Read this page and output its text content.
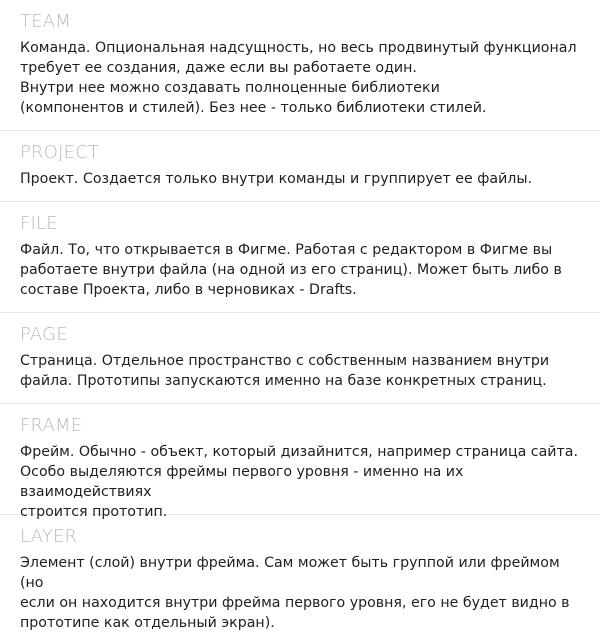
TEAM

Команда. Опциональная надсущность, но весь продвинутый функционал
требует ее создания, даже если вы работаете один.
Внутри нее можно создавать полноценные библиотеки
(компонентов и стилей). Без нее - только библиотеки стилей.

PROJECT

Проект. Создается только внутри команды и группирует ее файлы.

FILE

Файл. То, что открывается в Фигме. Работая с редактором в Фигме вы
работаете внутри файла (на одной из его страниц). Может быть либо в
составе Проекта, либо в черновиках - Drafts.

PAGE

Страница. Отдельное пространство с собственным названием внутри
файла. Прототипы запускаются именно на базе конкретных страниц.

FRAME

Фрейм. Обычно - объект, который дизайнится, например страница сайта.
Особо выделяются фреймы первого уровня - именно на их взаимодействиях
строится прототип.

LAYER

Элемент (слой) внутри фрейма. Сам может быть группой или фреймом (но
если он находится внутри фрейма первого уровня, его не будет видно в
прототипе как отдельный экран).
